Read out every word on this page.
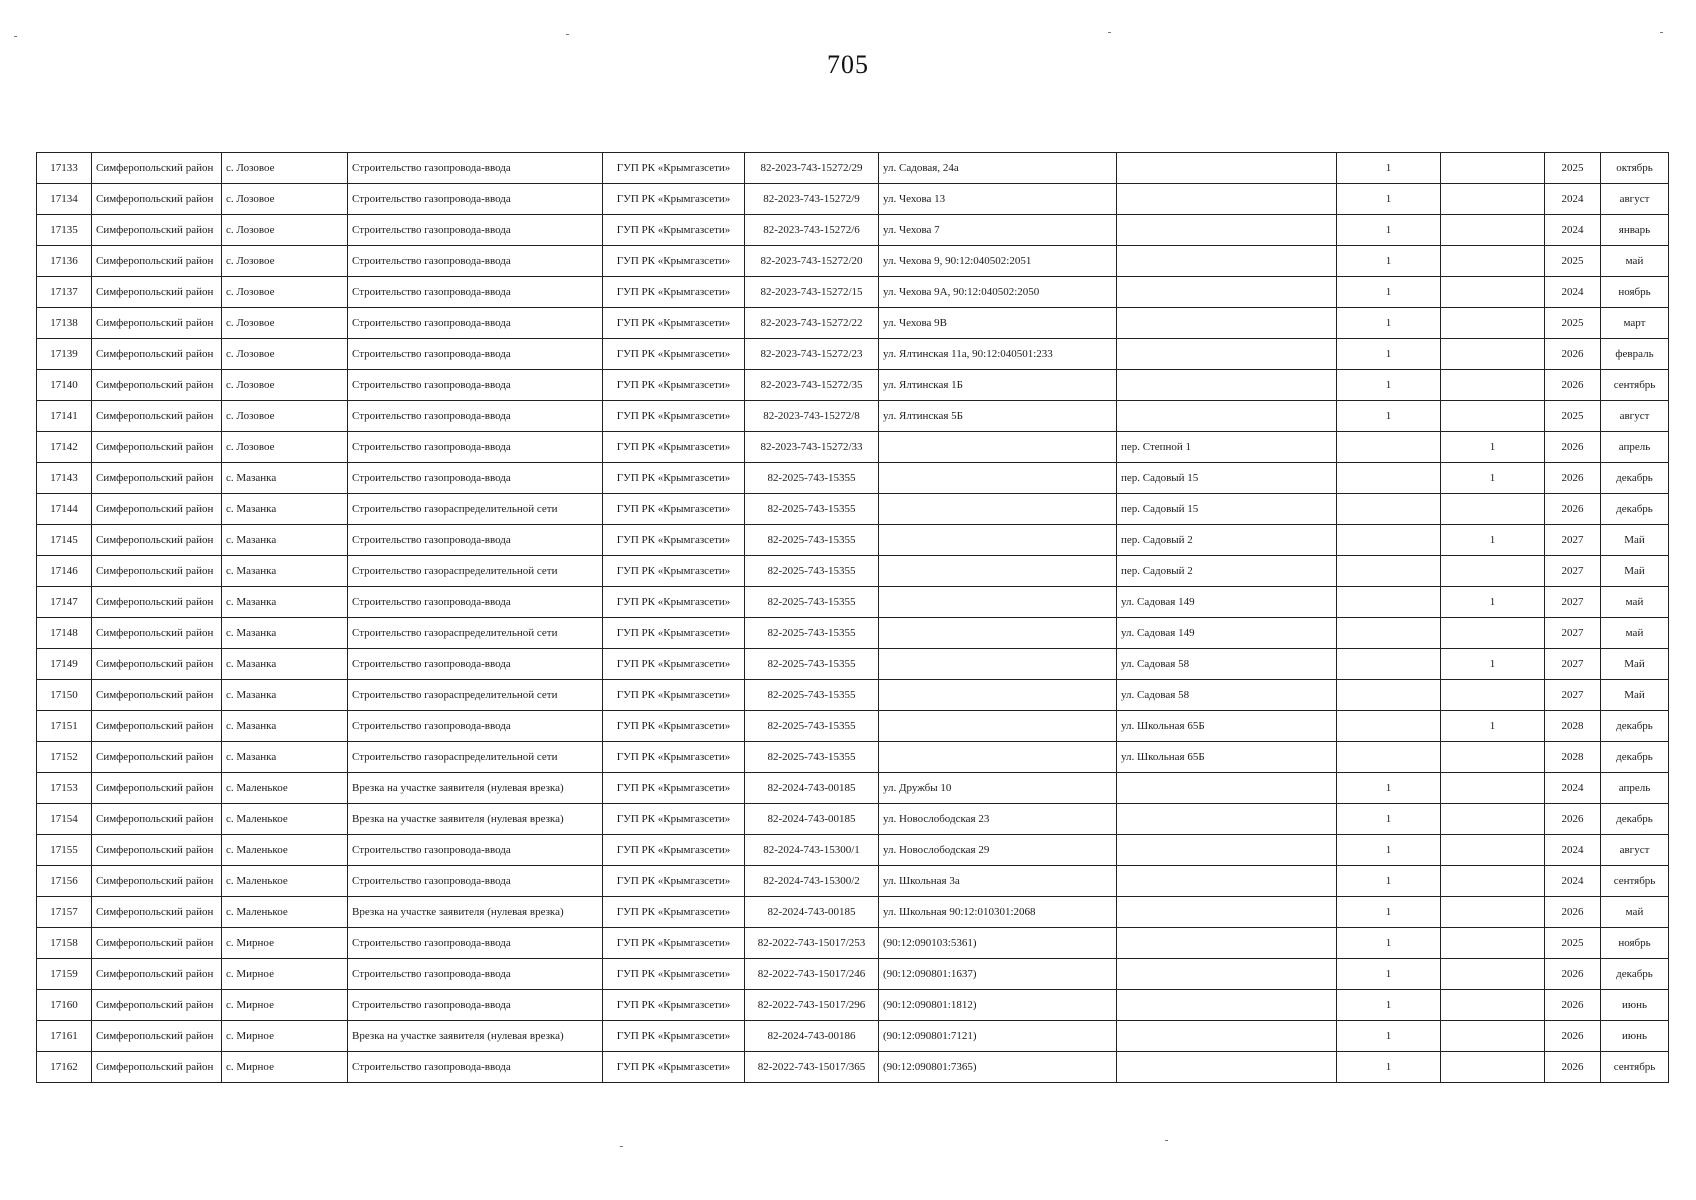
705
17133	Симферопольский район	с. Лозовое	Строительство газопровода-ввода	ГУП РК «Крымгазсети»	82-2023-743-15272/29	ул. Садовая, 24а		1		2025	октябрь
17134	Симферопольский район	с. Лозовое	Строительство газопровода-ввода	ГУП РК «Крымгазсети»	82-2023-743-15272/9	ул. Чехова 13		1		2024	август
17135	Симферопольский район	с. Лозовое	Строительство газопровода-ввода	ГУП РК «Крымгазсети»	82-2023-743-15272/6	ул. Чехова 7		1		2024	январь
17136	Симферопольский район	с. Лозовое	Строительство газопровода-ввода	ГУП РК «Крымгазсети»	82-2023-743-15272/20	ул. Чехова 9, 90:12:040502:2051		1		2025	май
17137	Симферопольский район	с. Лозовое	Строительство газопровода-ввода	ГУП РК «Крымгазсети»	82-2023-743-15272/15	ул. Чехова 9А, 90:12:040502:2050		1		2024	ноябрь
17138	Симферопольский район	с. Лозовое	Строительство газопровода-ввода	ГУП РК «Крымгазсети»	82-2023-743-15272/22	ул. Чехова 9В		1		2025	март
17139	Симферопольский район	с. Лозовое	Строительство газопровода-ввода	ГУП РК «Крымгазсети»	82-2023-743-15272/23	ул. Ялтинская 11а, 90:12:040501:233		1		2026	февраль
17140	Симферопольский район	с. Лозовое	Строительство газопровода-ввода	ГУП РК «Крымгазсети»	82-2023-743-15272/35	ул. Ялтинская 1Б		1		2026	сентябрь
17141	Симферопольский район	с. Лозовое	Строительство газопровода-ввода	ГУП РК «Крымгазсети»	82-2023-743-15272/8	ул. Ялтинская 5Б		1		2025	август
17142	Симферопольский район	с. Лозовое	Строительство газопровода-ввода	ГУП РК «Крымгазсети»	82-2023-743-15272/33		пер. Степной 1		1	2026	апрель
17143	Симферопольский район	с. Мазанка	Строительство газопровода-ввода	ГУП РК «Крымгазсети»	82-2025-743-15355		пер. Садовый 15		1	2026	декабрь
17144	Симферопольский район	с. Мазанка	Строительство газораспределительной сети	ГУП РК «Крымгазсети»	82-2025-743-15355		пер. Садовый 15			2026	декабрь
17145	Симферопольский район	с. Мазанка	Строительство газопровода-ввода	ГУП РК «Крымгазсети»	82-2025-743-15355		пер. Садовый 2		1	2027	Май
17146	Симферопольский район	с. Мазанка	Строительство газораспределительной сети	ГУП РК «Крымгазсети»	82-2025-743-15355		пер. Садовый 2			2027	Май
17147	Симферопольский район	с. Мазанка	Строительство газопровода-ввода	ГУП РК «Крымгазсети»	82-2025-743-15355		ул. Садовая 149		1	2027	май
17148	Симферопольский район	с. Мазанка	Строительство газораспределительной сети	ГУП РК «Крымгазсети»	82-2025-743-15355		ул. Садовая 149			2027	май
17149	Симферопольский район	с. Мазанка	Строительство газопровода-ввода	ГУП РК «Крымгазсети»	82-2025-743-15355		ул. Садовая 58		1	2027	Май
17150	Симферопольский район	с. Мазанка	Строительство газораспределительной сети	ГУП РК «Крымгазсети»	82-2025-743-15355		ул. Садовая 58			2027	Май
17151	Симферопольский район	с. Мазанка	Строительство газопровода-ввода	ГУП РК «Крымгазсети»	82-2025-743-15355		ул. Школьная 65Б		1	2028	декабрь
17152	Симферопольский район	с. Мазанка	Строительство газораспределительной сети	ГУП РК «Крымгазсети»	82-2025-743-15355		ул. Школьная 65Б			2028	декабрь
17153	Симферопольский район	с. Маленькое	Врезка на участке заявителя (нулевая врезка)	ГУП РК «Крымгазсети»	82-2024-743-00185	ул. Дружбы 10		1		2024	апрель
17154	Симферопольский район	с. Маленькое	Врезка на участке заявителя (нулевая врезка)	ГУП РК «Крымгазсети»	82-2024-743-00185	ул. Новослободская 23		1		2026	декабрь
17155	Симферопольский район	с. Маленькое	Строительство газопровода-ввода	ГУП РК «Крымгазсети»	82-2024-743-15300/1	ул. Новослободская 29		1		2024	август
17156	Симферопольский район	с. Маленькое	Строительство газопровода-ввода	ГУП РК «Крымгазсети»	82-2024-743-15300/2	ул. Школьная 3а		1		2024	сентябрь
17157	Симферопольский район	с. Маленькое	Врезка на участке заявителя (нулевая врезка)	ГУП РК «Крымгазсети»	82-2024-743-00185	ул. Школьная 90:12:010301:2068		1		2026	май
17158	Симферопольский район	с. Мирное	Строительство газопровода-ввода	ГУП РК «Крымгазсети»	82-2022-743-15017/253	(90:12:090103:5361)		1		2025	ноябрь
17159	Симферопольский район	с. Мирное	Строительство газопровода-ввода	ГУП РК «Крымгазсети»	82-2022-743-15017/246	(90:12:090801:1637)		1		2026	декабрь
17160	Симферопольский район	с. Мирное	Строительство газопровода-ввода	ГУП РК «Крымгазсети»	82-2022-743-15017/296	(90:12:090801:1812)		1		2026	июнь
17161	Симферопольский район	с. Мирное	Врезка на участке заявителя (нулевая врезка)	ГУП РК «Крымгазсети»	82-2024-743-00186	(90:12:090801:7121)		1		2026	июнь
17162	Симферопольский район	с. Мирное	Строительство газопровода-ввода	ГУП РК «Крымгазсети»	82-2022-743-15017/365	(90:12:090801:7365)		1		2026	сентябрь
